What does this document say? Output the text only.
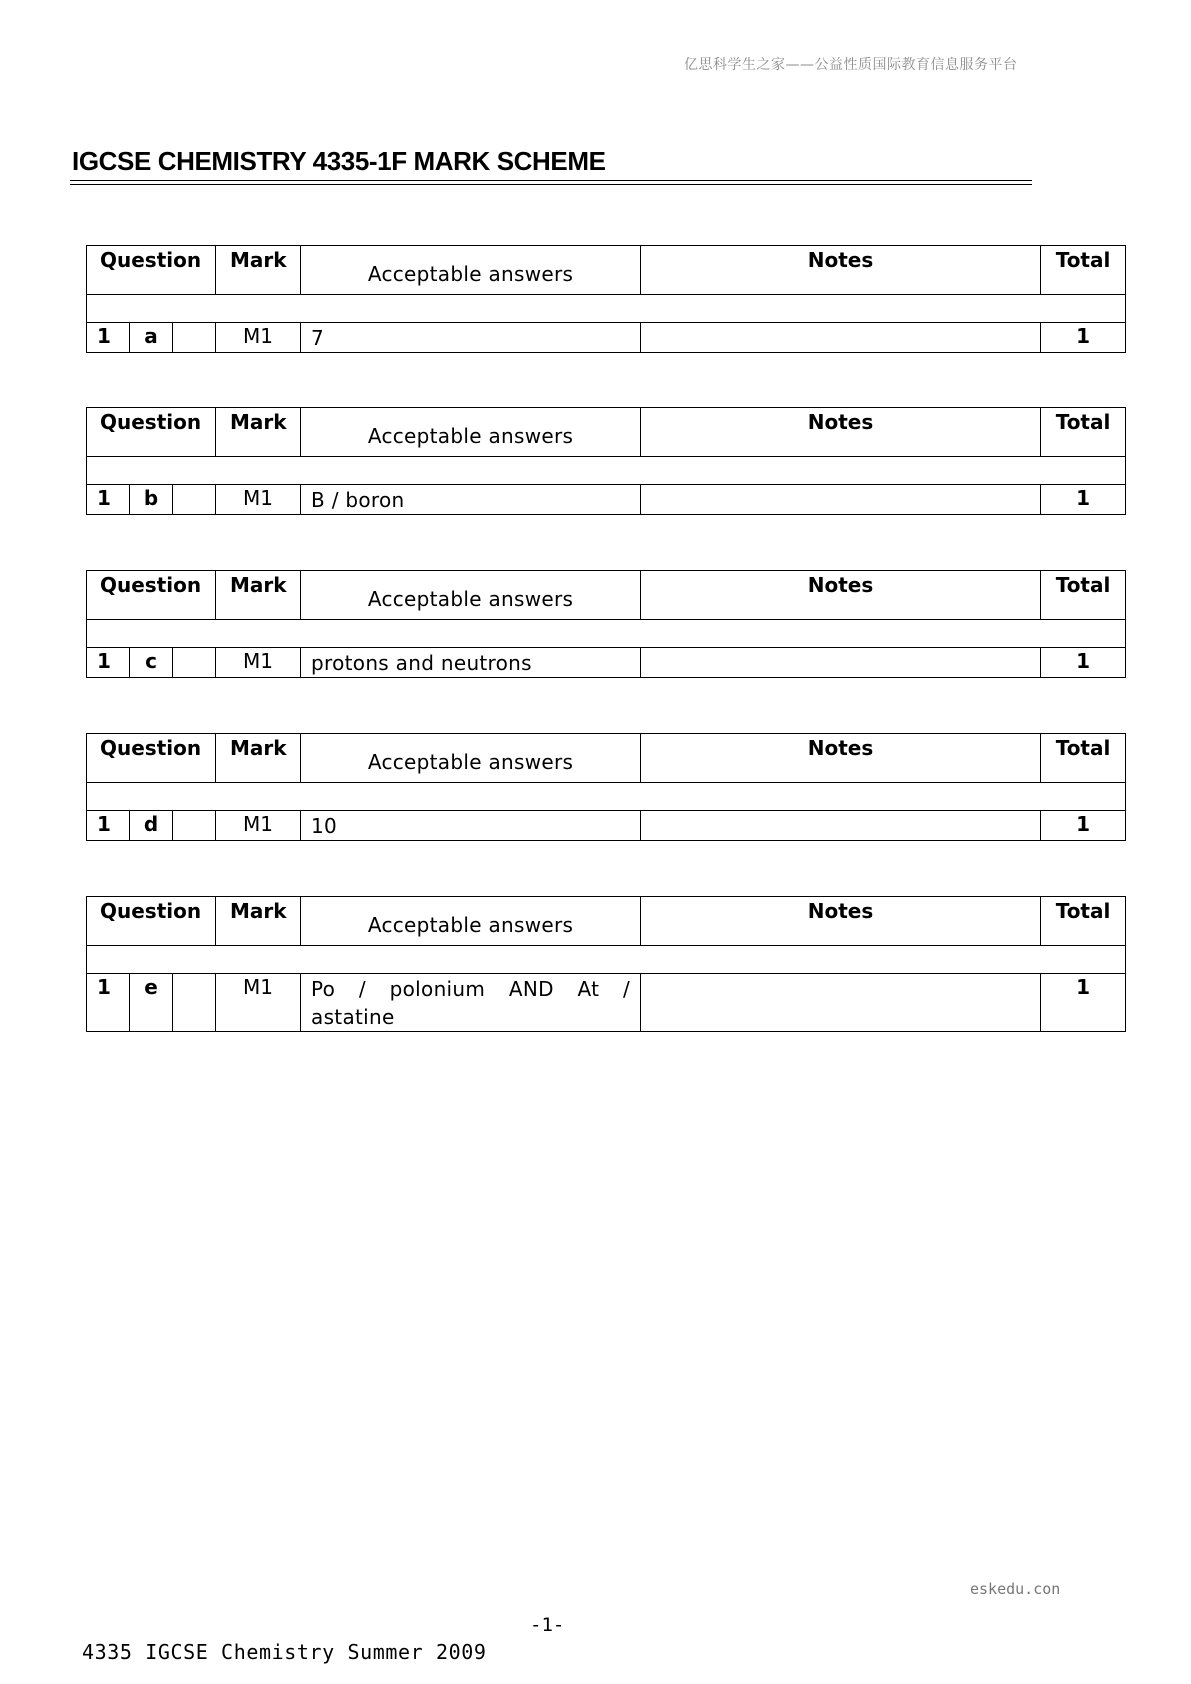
亿思科学生之家——公益性质国际教育信息服务平台
IGCSE CHEMISTRY 4335-1F MARK SCHEME
Question			Mark	Acceptable answers	Notes	Total

1	a		M1	7		1
Question			Mark	Acceptable answers	Notes	Total

1	b		M1	B / boron		1
Question			Mark	Acceptable answers	Notes	Total

1	c		M1	protons and neutrons		1
Question			Mark	Acceptable answers	Notes	Total

1	d		M1	10		1
Question			Mark	Acceptable answers	Notes	Total

1	e		M1	Po / polonium AND At / astatine		1
eskedu.con
-1-
4335 IGCSE Chemistry Summer 2009
